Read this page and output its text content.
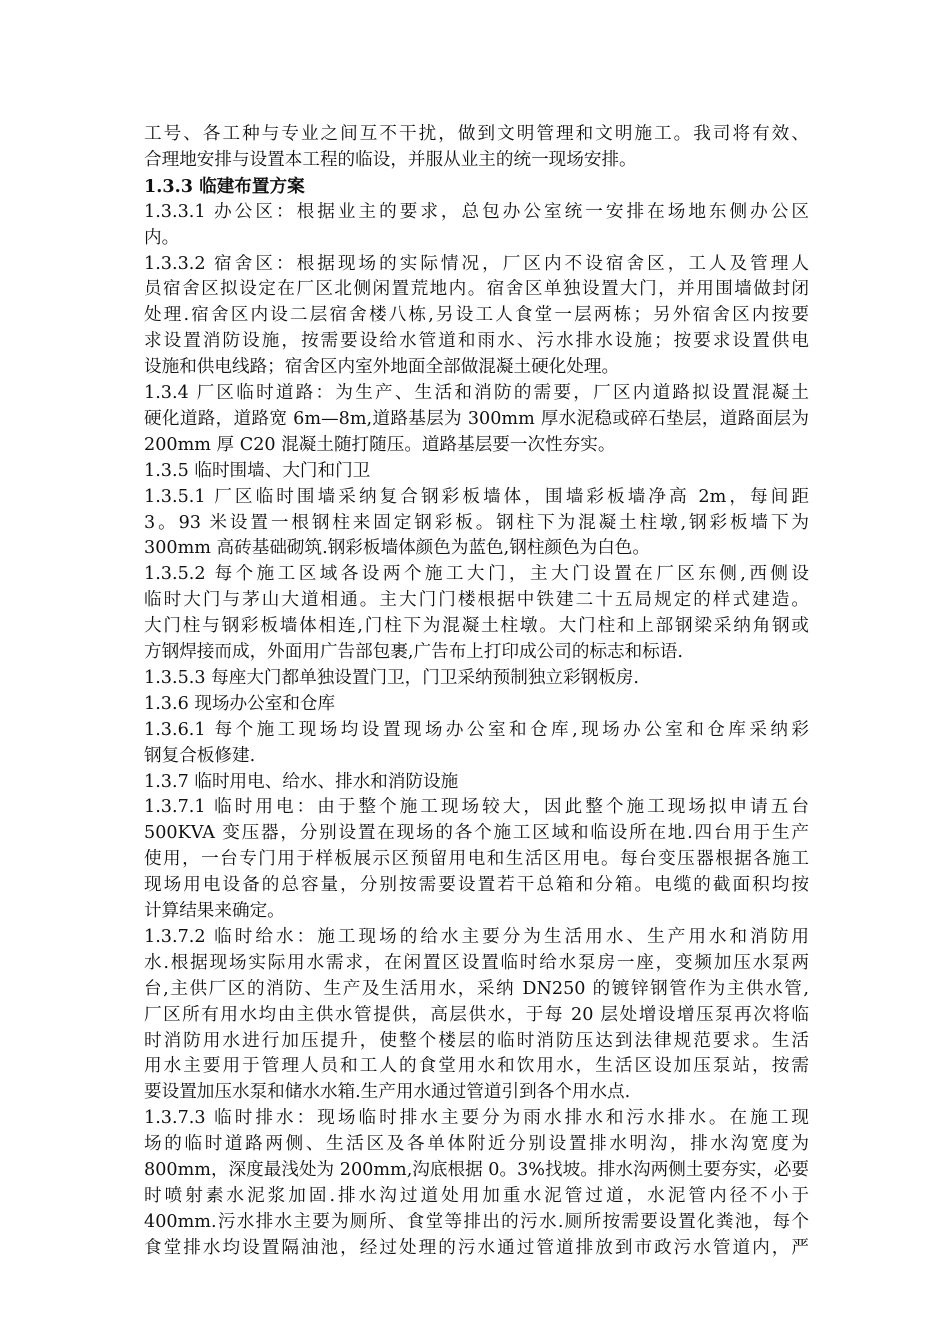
工号、各工种与专业之间互不干扰，做到文明管理和文明施工。我司将有效、
合理地安排与设置本工程的临设，并服从业主的统一现场安排。
1.3.3 临建布置方案
1.3.3.1 办公区：根据业主的要求，总包办公室统一安排在场地东侧办公区
内。
1.3.3.2 宿舍区：根据现场的实际情况，厂区内不设宿舍区，工人及管理人
员宿舍区拟设定在厂区北侧闲置荒地内。宿舍区单独设置大门，并用围墙做封闭
处理.宿舍区内设二层宿舍楼八栋,另设工人食堂一层两栋；另外宿舍区内按要
求设置消防设施，按需要设给水管道和雨水、污水排水设施；按要求设置供电
设施和供电线路；宿舍区内室外地面全部做混凝土硬化处理。
1.3.4 厂区临时道路：为生产、生活和消防的需要，厂区内道路拟设置混凝土
硬化道路，道路宽 6m—8m,道路基层为 300mm 厚水泥稳或碎石垫层，道路面层为
200mm 厚 C20 混凝土随打随压。道路基层要一次性夯实。
1.3.5 临时围墙、大门和门卫
1.3.5.1 厂区临时围墙采纳复合钢彩板墙体，围墙彩板墙净高 2m，每间距
3。93 米设置一根钢柱来固定钢彩板。钢柱下为混凝土柱墩,钢彩板墙下为
300mm 高砖基础砌筑.钢彩板墙体颜色为蓝色,钢柱颜色为白色。
1.3.5.2 每个施工区域各设两个施工大门，主大门设置在厂区东侧,西侧设
临时大门与茅山大道相通。主大门门楼根据中铁建二十五局规定的样式建造。
大门柱与钢彩板墙体相连,门柱下为混凝土柱墩。大门柱和上部钢梁采纳角钢或
方钢焊接而成，外面用广告部包裹,广告布上打印成公司的标志和标语.
1.3.5.3 每座大门都单独设置门卫，门卫采纳预制独立彩钢板房.
1.3.6 现场办公室和仓库
1.3.6.1 每个施工现场均设置现场办公室和仓库,现场办公室和仓库采纳彩
钢复合板修建.
1.3.7 临时用电、给水、排水和消防设施
1.3.7.1 临时用电：由于整个施工现场较大，因此整个施工现场拟申请五台
500KVA 变压器，分别设置在现场的各个施工区域和临设所在地.四台用于生产
使用，一台专门用于样板展示区预留用电和生活区用电。每台变压器根据各施工
现场用电设备的总容量，分别按需要设置若干总箱和分箱。电缆的截面积均按
计算结果来确定。
1.3.7.2 临时给水：施工现场的给水主要分为生活用水、生产用水和消防用
水.根据现场实际用水需求，在闲置区设置临时给水泵房一座，变频加压水泵两
台,主供厂区的消防、生产及生活用水，采纳 DN250 的镀锌钢管作为主供水管,
厂区所有用水均由主供水管提供，高层供水，于每 20 层处增设增压泵再次将临
时消防用水进行加压提升，使整个楼层的临时消防压达到法律规范要求。生活
用水主要用于管理人员和工人的食堂用水和饮用水，生活区设加压泵站，按需
要设置加压水泵和储水水箱.生产用水通过管道引到各个用水点.
1.3.7.3 临时排水：现场临时排水主要分为雨水排水和污水排水。在施工现
场的临时道路两侧、生活区及各单体附近分别设置排水明沟，排水沟宽度为
800mm，深度最浅处为 200mm,沟底根据 0。3%找坡。排水沟两侧土要夯实，必要
时喷射素水泥浆加固.排水沟过道处用加重水泥管过道，水泥管内径不小于
400mm.污水排水主要为厕所、食堂等排出的污水.厕所按需要设置化粪池，每个
食堂排水均设置隔油池，经过处理的污水通过管道排放到市政污水管道内，严
